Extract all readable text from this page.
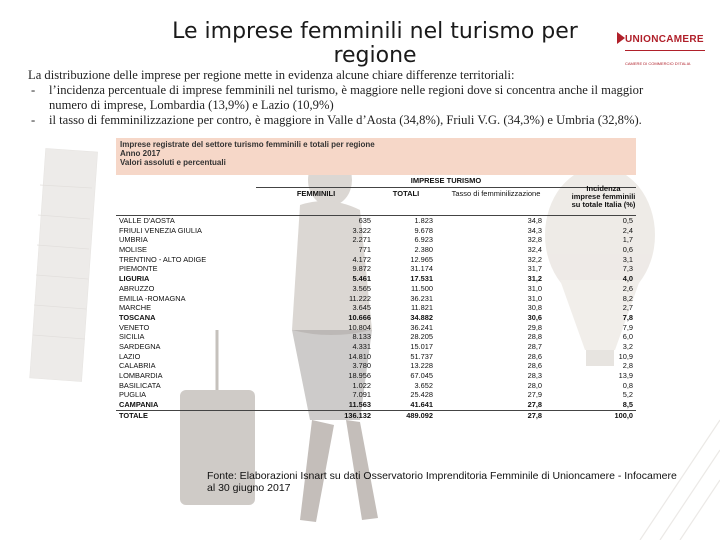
Le imprese femminili nel turismo per regione
UNIONCAMERE
CAMERE DI COMMERCIO D'ITALIA
La distribuzione delle imprese per regione mette in evidenza alcune chiare differenze territoriali:
- l’incidenza percentuale di imprese femminili nel turismo, è maggiore nelle regioni dove si concentra anche il maggior numero di imprese, Lombardia (13,9%) e Lazio (10,9%)
- il tasso di femminilizzazione per contro, è maggiore in Valle d’Aosta (34,8%), Friuli V.G. (34,3%) e Umbria (32,8%).
Imprese registrate del settore turismo femminili e totali per regione
Anno 2017
Valori assoluti e percentuali
IMPRESE TURISMO
FEMMINILI	TOTALI	Tasso di femminilizzazione
Incidenza imprese femminili su totale Italia (%)
VALLE D'AOSTA	635	1.823	34,8	0,5
FRIULI VENEZIA GIULIA	3.322	9.678	34,3	2,4
UMBRIA	2.271	6.923	32,8	1,7
MOLISE	771	2.380	32,4	0,6
TRENTINO - ALTO ADIGE	4.172	12.965	32,2	3,1
PIEMONTE	9.872	31.174	31,7	7,3
LIGURIA	5.461	17.531	31,2	4,0
ABRUZZO	3.565	11.500	31,0	2,6
EMILIA -ROMAGNA	11.222	36.231	31,0	8,2
MARCHE	3.645	11.821	30,8	2,7
TOSCANA	10.666	34.882	30,6	7,8
VENETO	10.804	36.241	29,8	7,9
SICILIA	8.133	28.205	28,8	6,0
SARDEGNA	4.331	15.017	28,7	3,2
LAZIO	14.810	51.737	28,6	10,9
CALABRIA	3.780	13.228	28,6	2,8
LOMBARDIA	18.956	67.045	28,3	13,9
BASILICATA	1.022	3.652	28,0	0,8
PUGLIA	7.091	25.428	27,9	5,2
CAMPANIA	11.563	41.641	27,8	8,5
TOTALE	136.132	489.092	27,8	100,0
Fonte: Elaborazioni Isnart su dati Osservatorio Imprenditoria Femminile di Unioncamere - Infocamere
al 30 giugno 2017
